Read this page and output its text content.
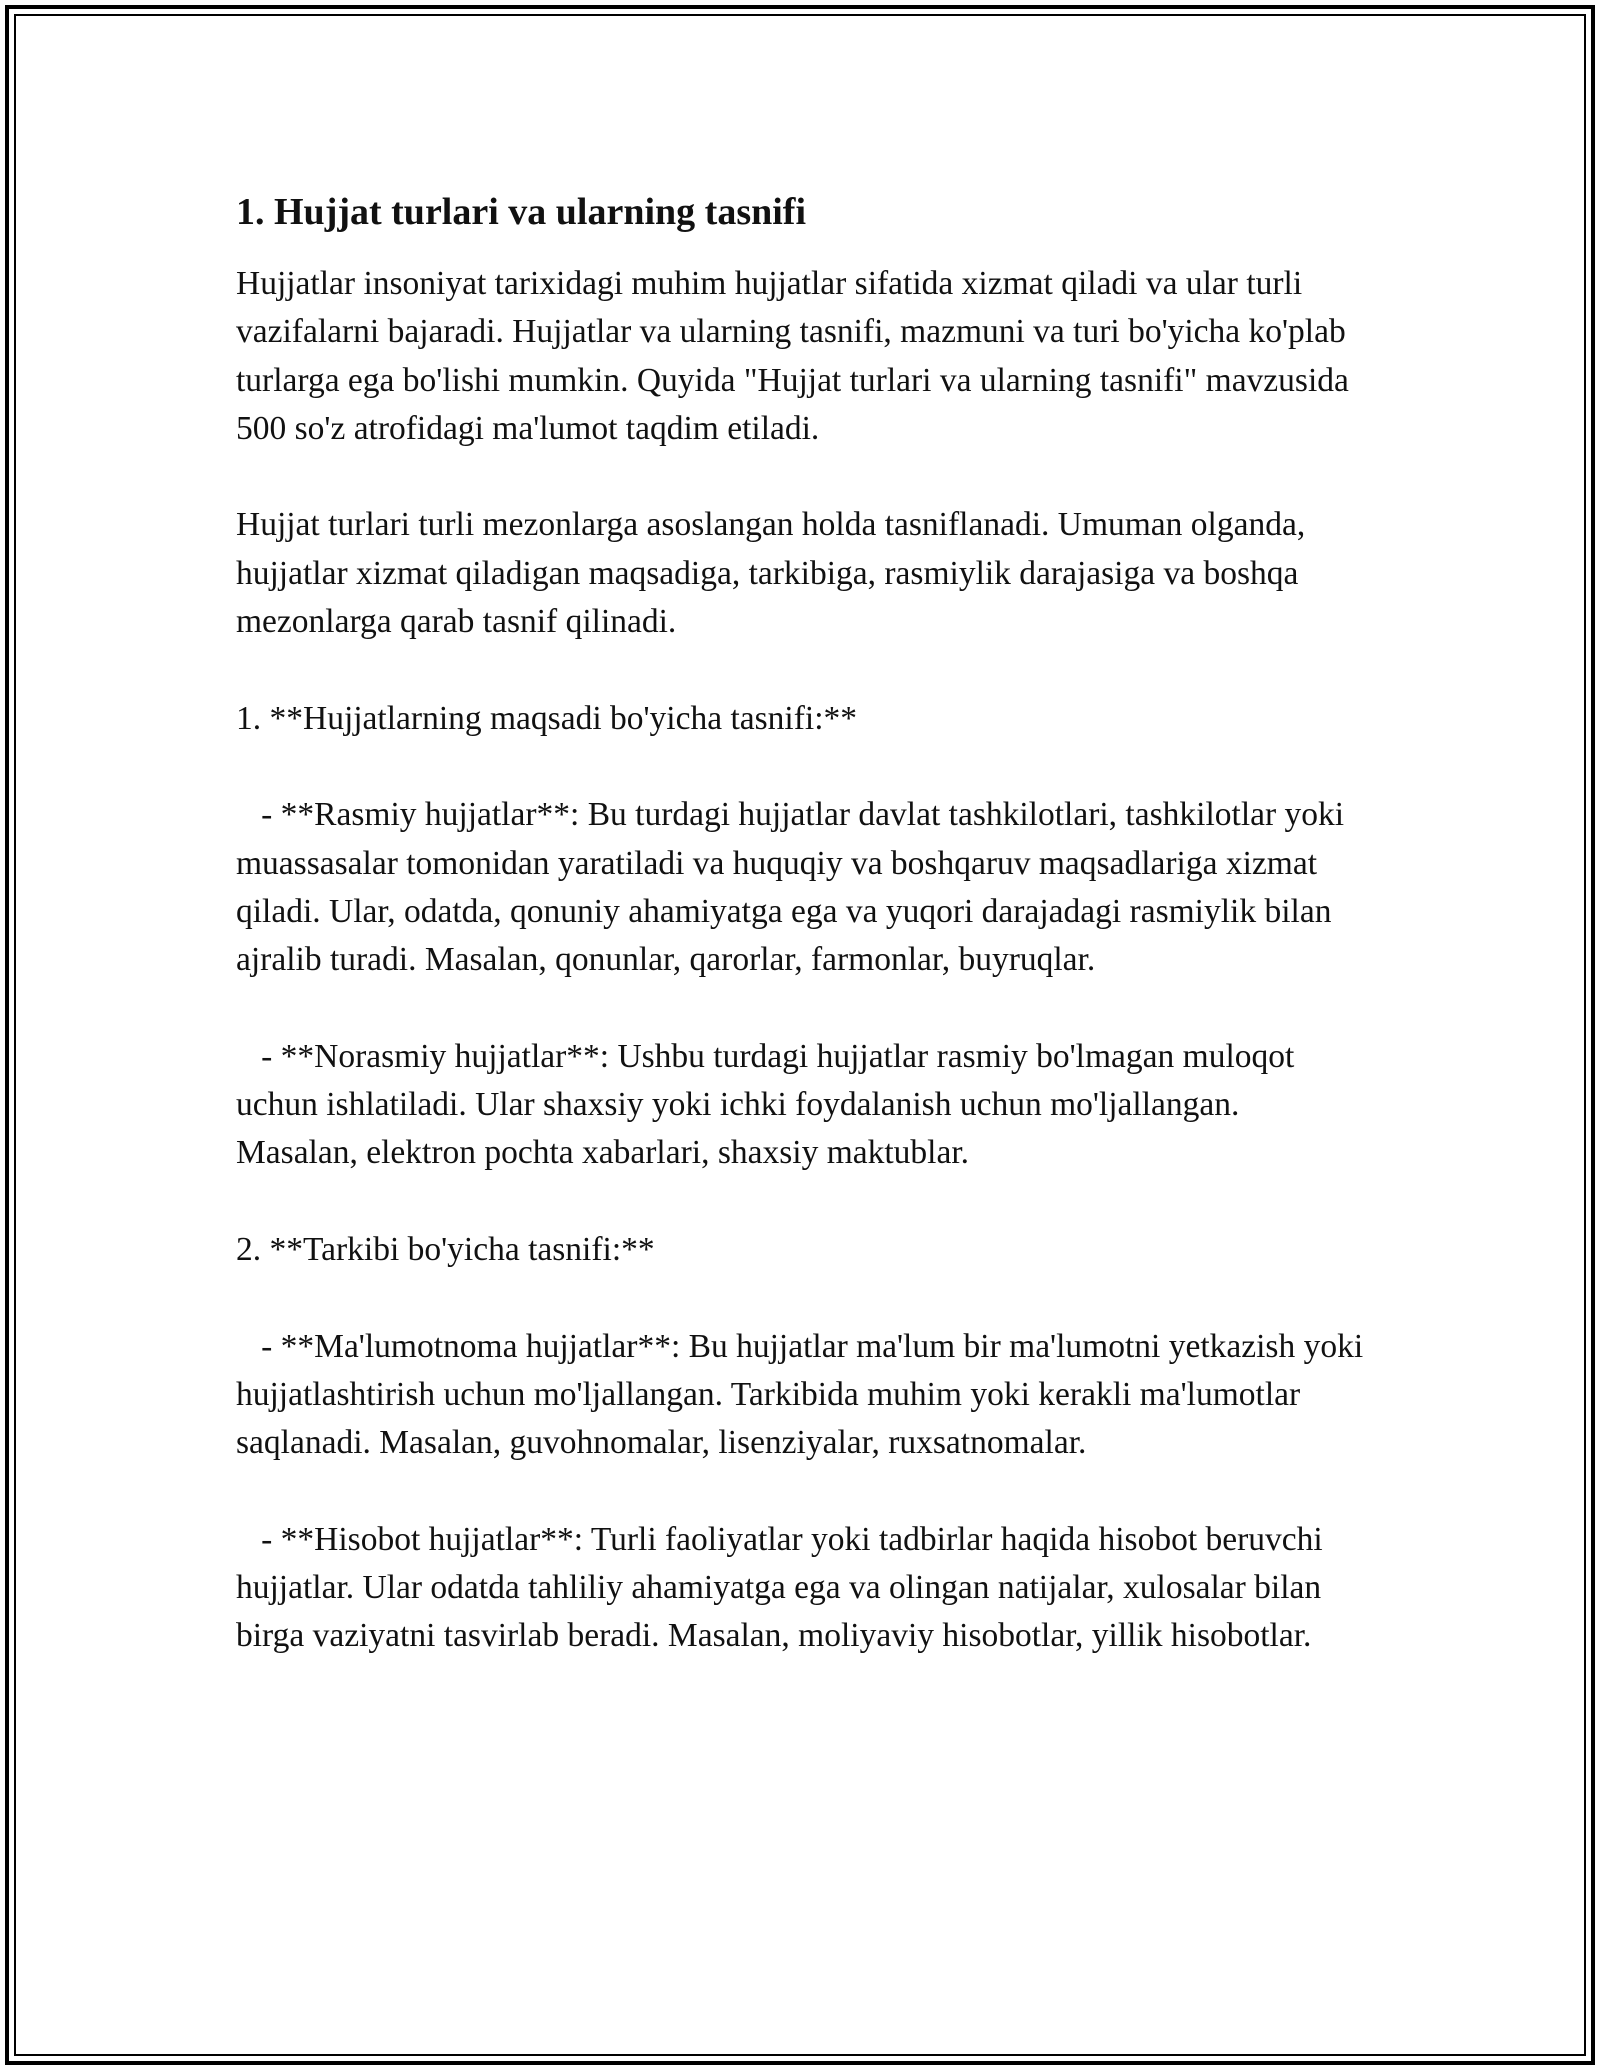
1. Hujjat turlari va ularning tasnifi

Hujjatlar insoniyat tarixidagi muhim hujjatlar sifatida xizmat qiladi va ular turli vazifalarni bajaradi. Hujjatlar va ularning tasnifi, mazmuni va turi bo'yicha ko'plab turlarga ega bo'lishi mumkin. Quyida "Hujjat turlari va ularning tasnifi" mavzusida 500 so'z atrofidagi ma'lumot taqdim etiladi.

Hujjat turlari turli mezonlarga asoslangan holda tasniflanadi. Umuman olganda, hujjatlar xizmat qiladigan maqsadiga, tarkibiga, rasmiylik darajasiga va boshqa mezonlarga qarab tasnif qilinadi.

1. **Hujjatlarning maqsadi bo'yicha tasnifi:**

- **Rasmiy hujjatlar**: Bu turdagi hujjatlar davlat tashkilotlari, tashkilotlar yoki muassasalar tomonidan yaratiladi va huquqiy va boshqaruv maqsadlariga xizmat qiladi. Ular, odatda, qonuniy ahamiyatga ega va yuqori darajadagi rasmiylik bilan ajralib turadi. Masalan, qonunlar, qarorlar, farmonlar, buyruqlar.

- **Norasmiy hujjatlar**: Ushbu turdagi hujjatlar rasmiy bo'lmagan muloqot uchun ishlatiladi. Ular shaxsiy yoki ichki foydalanish uchun mo'ljallangan. Masalan, elektron pochta xabarlari, shaxsiy maktublar.

2. **Tarkibi bo'yicha tasnifi:**

- **Ma'lumotnoma hujjatlar**: Bu hujjatlar ma'lum bir ma'lumotni yetkazish yoki hujjatlashtirish uchun mo'ljallangan. Tarkibida muhim yoki kerakli ma'lumotlar saqlanadi. Masalan, guvohnomalar, lisenziyalar, ruxsatnomalar.

- **Hisobot hujjatlar**: Turli faoliyatlar yoki tadbirlar haqida hisobot beruvchi hujjatlar. Ular odatda tahliliy ahamiyatga ega va olingan natijalar, xulosalar bilan birga vaziyatni tasvirlab beradi. Masalan, moliyaviy hisobotlar, yillik hisobotlar.
